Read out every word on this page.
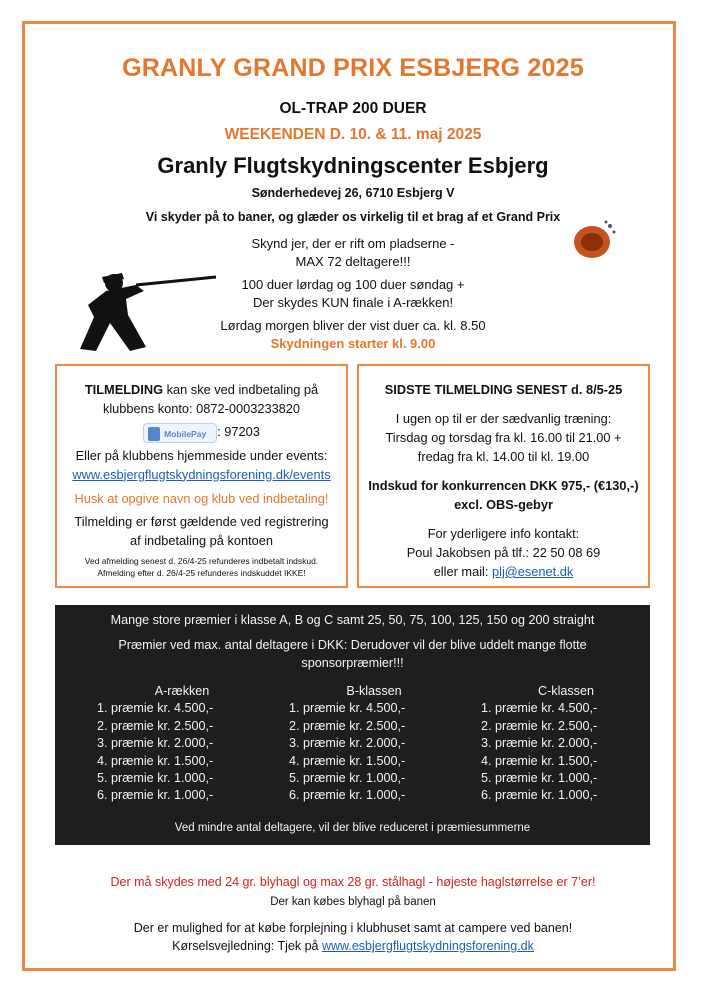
GRANLY GRAND PRIX ESBJERG 2025
OL-TRAP 200 DUER
WEEKENDEN D. 10. & 11. maj 2025
Granly Flugtskydningscenter Esbjerg
Sønderhedevej 26, 6710 Esbjerg V
Vi skyder på to baner, og glæder os virkelig til et brag af et Grand Prix
Skynd jer, der er rift om pladserne -
MAX 72 deltagere!!!
100 duer lørdag og 100 duer søndag +
Der skydes KUN finale i A-rækken!
Lørdag morgen bliver der vist duer ca. kl. 8.50
Skydningen starter kl. 9.00
TILMELDING kan ske ved indbetaling på
klubbens konto: 0872-0003233820
MobilePay : 97203
Eller på klubbens hjemmeside under events:
www.esbjergflugtskydningsforening.dk/events
Husk at opgive navn og klub ved indbetaling!
Tilmelding er først gældende ved registrering
af indbetaling på kontoen
Ved afmelding senest d. 26/4-25 refunderes indbetalt indskud.
Afmelding efter d. 26/4-25 refunderes indskuddet IKKE!
SIDSTE TILMELDING SENEST d. 8/5-25
I ugen op til er der sædvanlig træning:
Tirsdag og torsdag fra kl. 16.00 til 21.00 +
fredag fra kl. 14.00 til kl. 19.00
Indskud for konkurrencen DKK 975,- (€130,-)
excl. OBS-gebyr
For yderligere info kontakt:
Poul Jakobsen på tlf.: 22 50 08 69
eller mail: plj@esenet.dk
Mange store præmier i klasse A, B og C samt 25, 50, 75, 100, 125, 150 og 200 straight
Præmier ved max. antal deltagere i DKK: Derudover vil der blive uddelt mange flotte
sponsorpræmier!!!
A-rækken
1. præmie kr. 4.500,-
2. præmie kr. 2.500,-
3. præmie kr. 2.000,-
4. præmie kr. 1.500,-
5. præmie kr. 1.000,-
6. præmie kr. 1.000,-
B-klassen
1. præmie kr. 4.500,-
2. præmie kr. 2.500,-
3. præmie kr. 2.000,-
4. præmie kr. 1.500,-
5. præmie kr. 1.000,-
6. præmie kr. 1.000,-
C-klassen
1. præmie kr. 4.500,-
2. præmie kr. 2.500,-
3. præmie kr. 2.000,-
4. præmie kr. 1.500,-
5. præmie kr. 1.000,-
6. præmie kr. 1.000,-
Ved mindre antal deltagere, vil der blive reduceret i præmiesummerne
Der må skydes med 24 gr. blyhagl og max 28 gr. stålhagl - højeste haglstørrelse er 7’er!
Der kan købes blyhagl på banen
Der er mulighed for at købe forplejning i klubhuset samt at campere ved banen!
Kørselsvejledning: Tjek på www.esbjergflugtskydningsforening.dk
